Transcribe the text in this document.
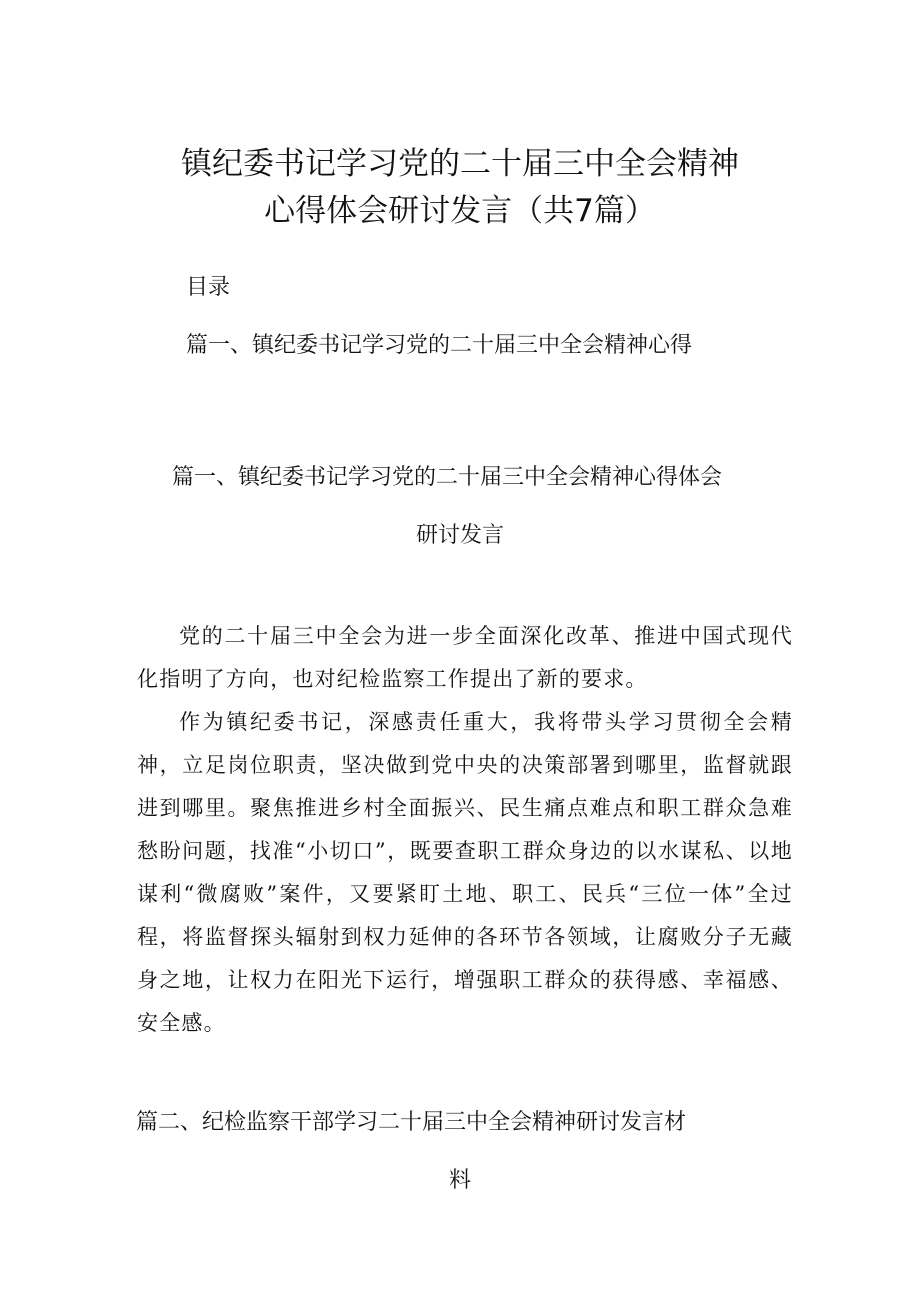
镇纪委书记学习党的二十届三中全会精神
心得体会研讨发言（共7篇）
目录
篇一、镇纪委书记学习党的二十届三中全会精神心得
篇一、镇纪委书记学习党的二十届三中全会精神心得体会
研讨发言

党的二十届三中全会为进一步全面深化改革、推进中国式现代化指明了方向，也对纪检监察工作提出了新的要求。

作为镇纪委书记，深感责任重大，我将带头学习贯彻全会精神，立足岗位职责，坚决做到党中央的决策部署到哪里，监督就跟进到哪里。聚焦推进乡村全面振兴、民生痛点难点和职工群众急难愁盼问题，找准“小切口”，既要查职工群众身边的以水谋私、以地谋利“微腐败”案件，又要紧盯土地、职工、民兵“三位一体”全过程，将监督探头辐射到权力延伸的各环节各领域，让腐败分子无藏身之地，让权力在阳光下运行，增强职工群众的获得感、幸福感、安全感。

篇二、纪检监察干部学习二十届三中全会精神研讨发言材
料
